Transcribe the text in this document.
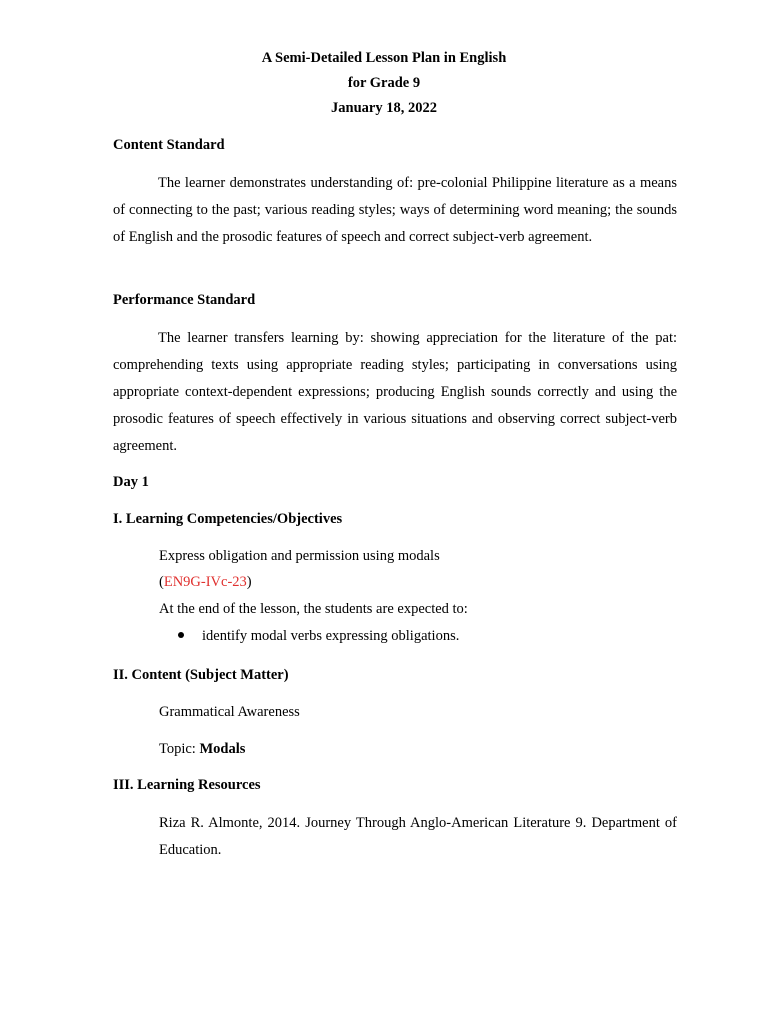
A Semi-Detailed Lesson Plan in English
for Grade 9
January 18, 2022
Content Standard
The learner demonstrates understanding of: pre-colonial Philippine literature as a means of connecting to the past; various reading styles; ways of determining word meaning; the sounds of English and the prosodic features of speech and correct subject-verb agreement.
Performance Standard
The learner transfers learning by: showing appreciation for the literature of the pat: comprehending texts using appropriate reading styles; participating in conversations using appropriate context-dependent expressions; producing English sounds correctly and using the prosodic features of speech effectively in various situations and observing correct subject-verb agreement.
Day 1
I. Learning Competencies/Objectives
Express obligation and permission using modals
(EN9G-IVc-23)
At the end of the lesson, the students are expected to:
identify modal verbs expressing obligations.
II. Content (Subject Matter)
Grammatical Awareness
Topic: Modals
III. Learning Resources
Riza R. Almonte, 2014. Journey Through Anglo-American Literature 9. Department of Education.
